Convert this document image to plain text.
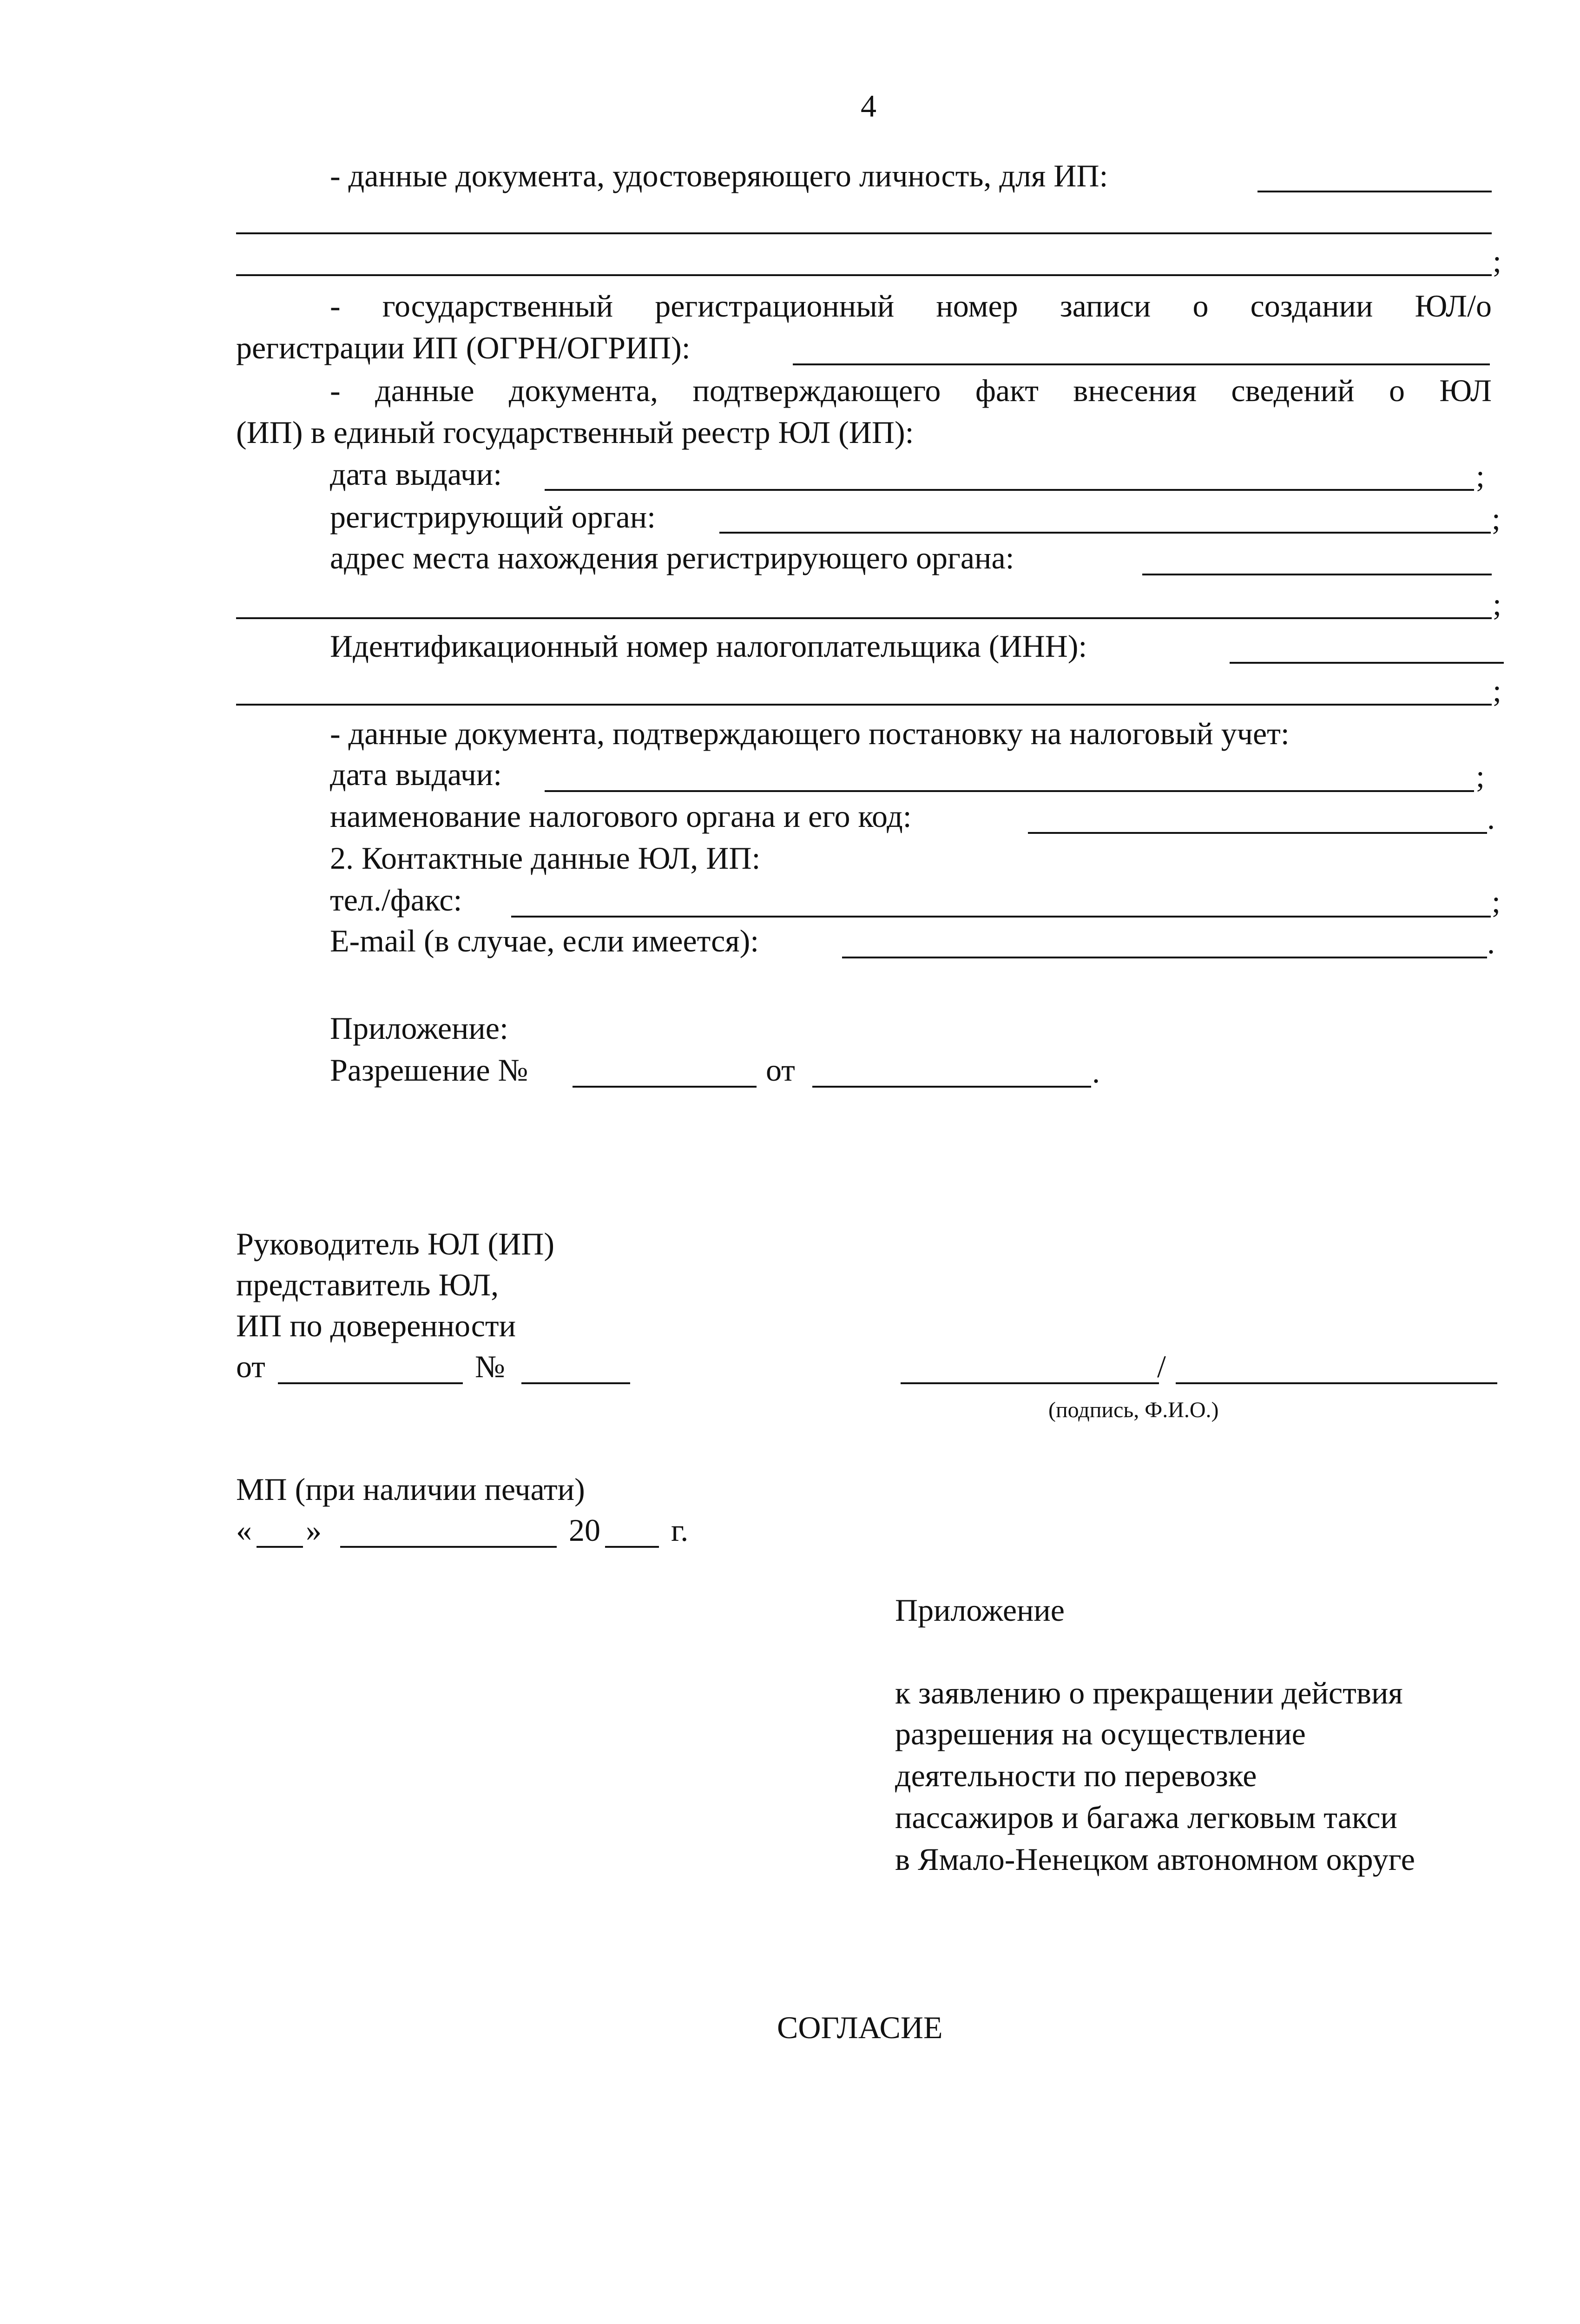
4
- данные документа, удостоверяющего личность, для ИП:
;
- государственный регистрационный номер записи о создании ЮЛ/о
регистрации ИП (ОГРН/ОГРИП):
- данные документа, подтверждающего факт внесения сведений о ЮЛ
(ИП) в единый государственный реестр ЮЛ (ИП):
дата выдачи:	;
регистрирующий орган:	;
адрес места нахождения регистрирующего органа:
;
Идентификационный номер налогоплательщика (ИНН):
;
- данные документа, подтверждающего постановку на налоговый учет:
дата выдачи:	;
наименование налогового органа и его код:	.
2. Контактные данные ЮЛ, ИП:
тел./факс:	;
E-mail (в случае, если имеется):	.
Приложение:
Разрешение №	от	.
Руководитель ЮЛ (ИП)
представитель ЮЛ,
ИП по доверенности
от	№	/
(подпись, Ф.И.О.)
МП (при наличии печати)
« »	20 г.
Приложение
к заявлению о прекращении действия
разрешения на осуществление
деятельности по перевозке
пассажиров и багажа легковым такси
в Ямало-Ненецком автономном округе
СОГЛАСИЕ
